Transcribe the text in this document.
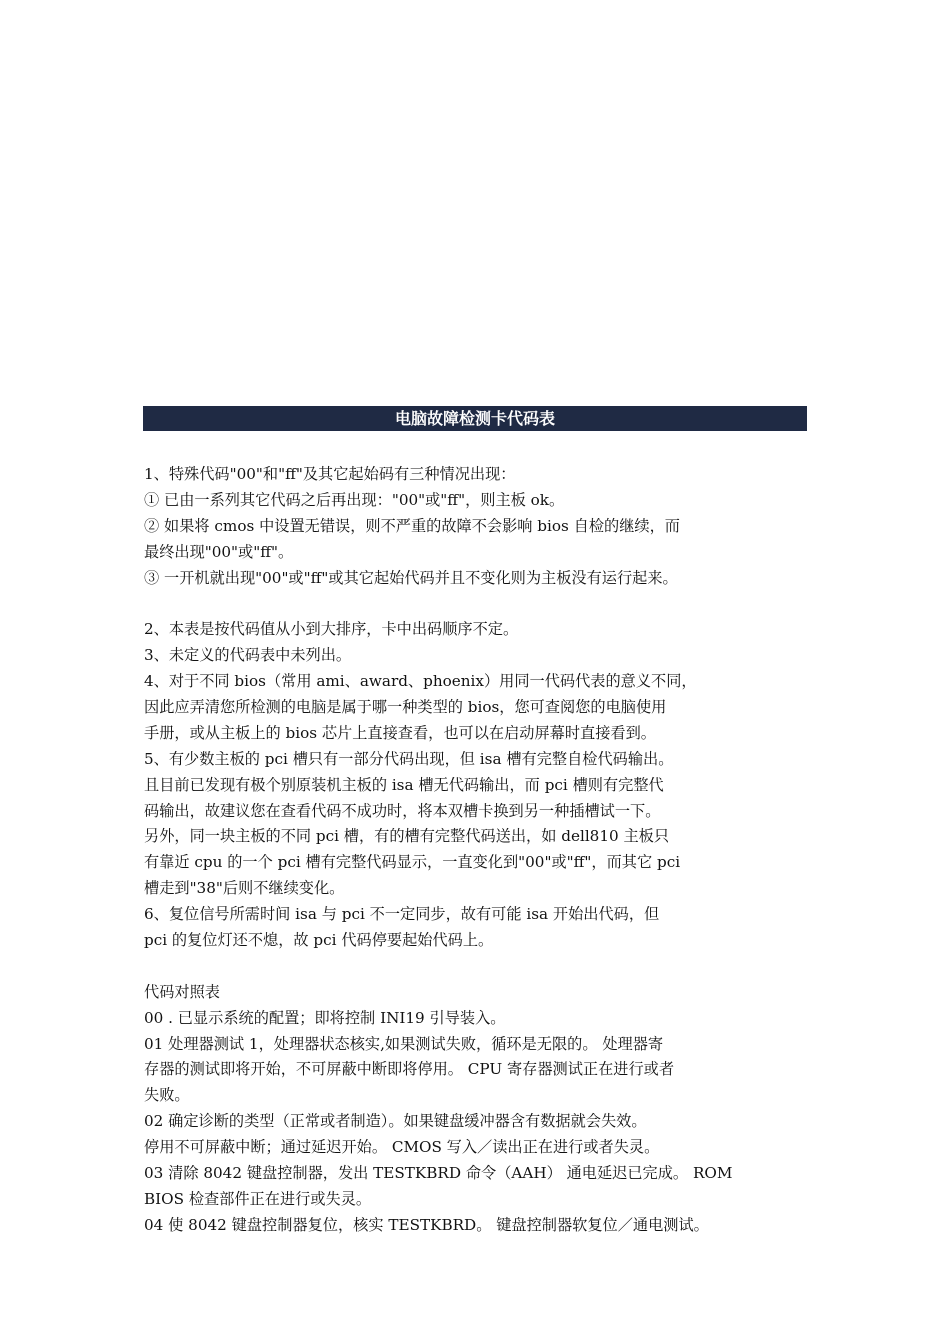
电脑故障检测卡代码表
1、特殊代码"00"和"ff"及其它起始码有三种情况出现：
① 已由一系列其它代码之后再出现："00"或"ff"，则主板 ok。
② 如果将 cmos 中设置无错误，则不严重的故障不会影响 bios 自检的继续，而
最终出现"00"或"ff"。
③ 一开机就出现"00"或"ff"或其它起始代码并且不变化则为主板没有运行起来。
2、本表是按代码值从小到大排序，卡中出码顺序不定。
3、未定义的代码表中未列出。
4、对于不同 bios（常用 ami、award、phoenix）用同一代码代表的意义不同，
因此应弄清您所检测的电脑是属于哪一种类型的 bios，您可查阅您的电脑使用
手册，或从主板上的 bios 芯片上直接查看，也可以在启动屏幕时直接看到。
5、有少数主板的 pci 槽只有一部分代码出现，但 isa 槽有完整自检代码输出。
且目前已发现有极个别原装机主板的 isa 槽无代码输出，而 pci 槽则有完整代
码输出，故建议您在查看代码不成功时，将本双槽卡换到另一种插槽试一下。
另外，同一块主板的不同 pci 槽，有的槽有完整代码送出，如 dell810 主板只
有靠近 cpu 的一个 pci 槽有完整代码显示，一直变化到"00"或"ff"，而其它 pci
槽走到"38"后则不继续变化。
6、复位信号所需时间 isa 与 pci 不一定同步，故有可能 isa 开始出代码，但
pci 的复位灯还不熄，故 pci 代码停要起始代码上。
代码对照表
00 . 已显示系统的配置；即将控制 INI19 引导装入。
01 处理器测试 1，处理器状态核实,如果测试失败，循环是无限的。 处理器寄
存器的测试即将开始，不可屏蔽中断即将停用。 CPU 寄存器测试正在进行或者
失败。
02 确定诊断的类型（正常或者制造）。如果键盘缓冲器含有数据就会失效。
停用不可屏蔽中断；通过延迟开始。 CMOS 写入／读出正在进行或者失灵。
03 清除 8042 键盘控制器，发出 TESTKBRD 命令（AAH） 通电延迟已完成。 ROM
BIOS 检查部件正在进行或失灵。
04 使 8042 键盘控制器复位，核实 TESTKBRD。 键盘控制器软复位／通电测试。
